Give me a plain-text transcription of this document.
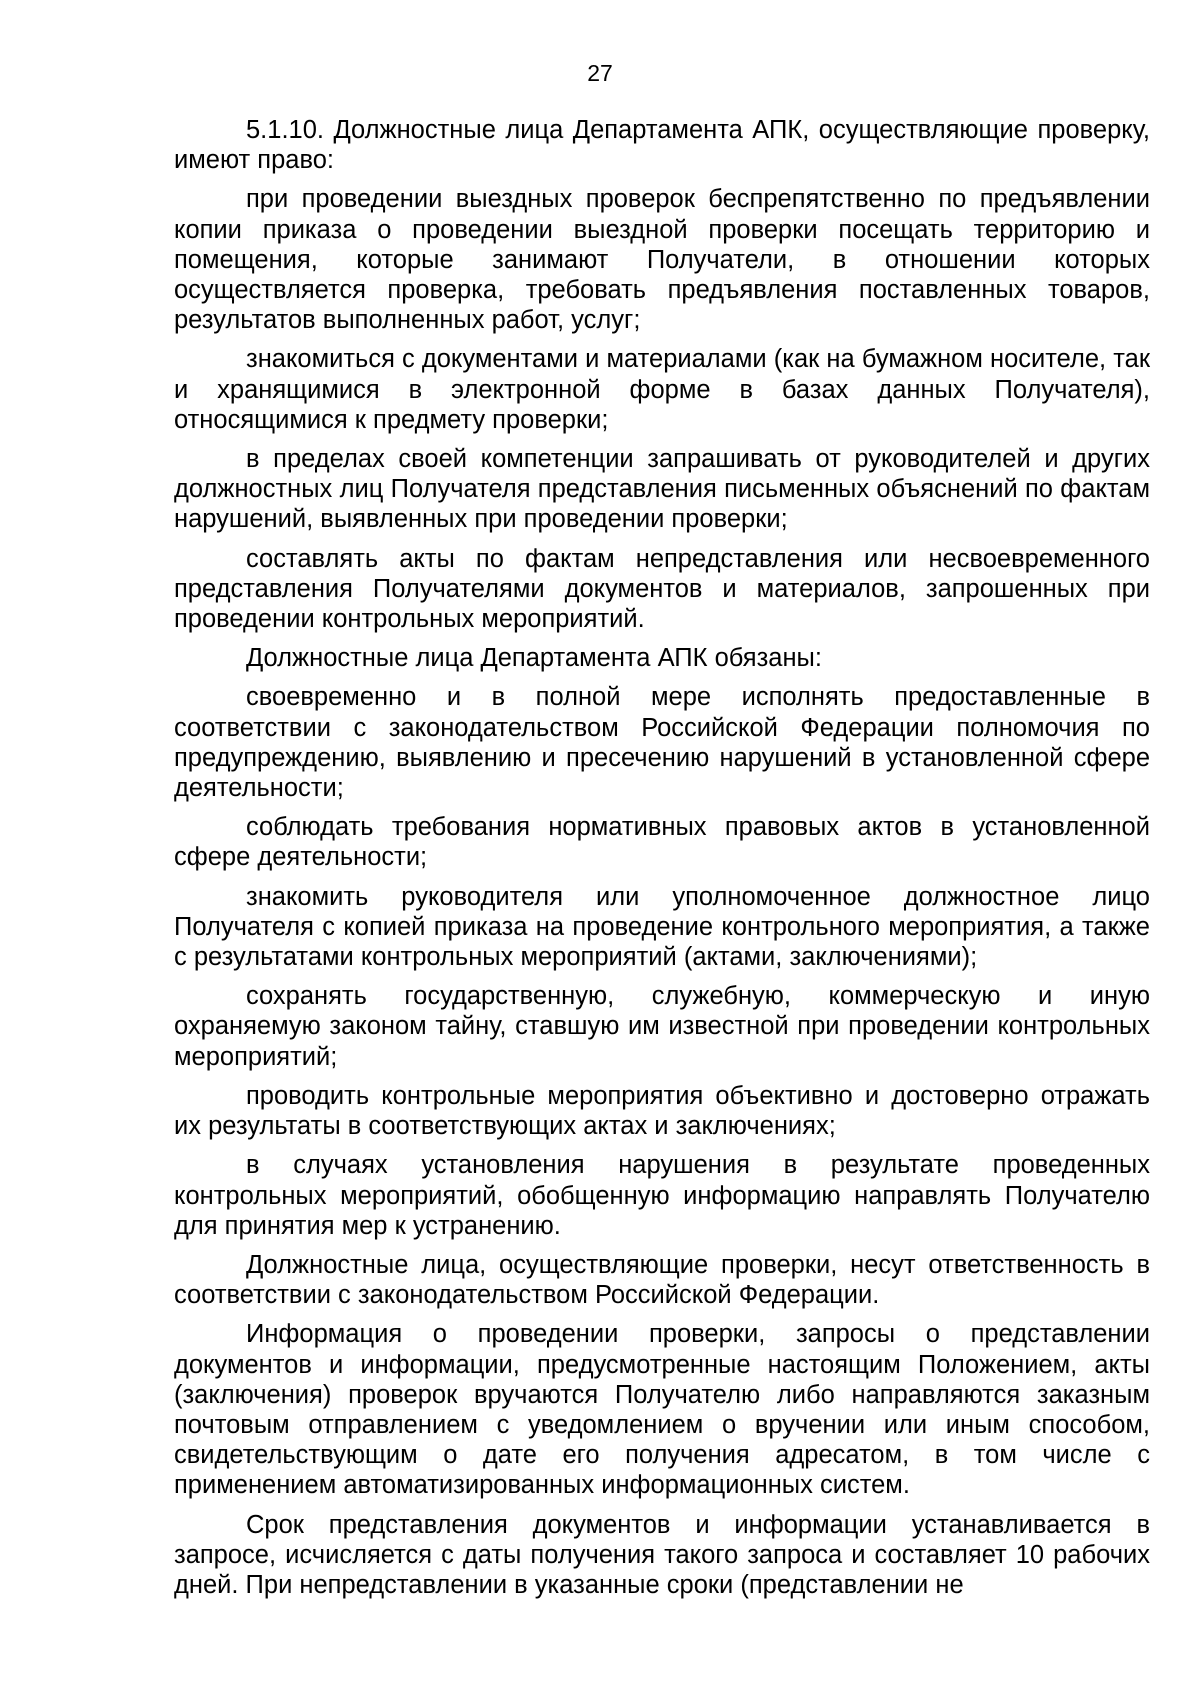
27

5.1.10. Должностные лица Департамента АПК, осуществляющие проверку, имеют право:

при проведении выездных проверок беспрепятственно по предъявлении копии приказа о проведении выездной проверки посещать территорию и помещения, которые занимают Получатели, в отношении которых осуществляется проверка, требовать предъявления поставленных товаров, результатов выполненных работ, услуг;

знакомиться с документами и материалами (как на бумажном носителе, так и хранящимися в электронной форме в базах данных Получателя), относящимися к предмету проверки;

в пределах своей компетенции запрашивать от руководителей и других должностных лиц Получателя представления письменных объяснений по фактам нарушений, выявленных при проведении проверки;

составлять акты по фактам непредставления или несвоевременного представления Получателями документов и материалов, запрошенных при проведении контрольных мероприятий.

Должностные лица Департамента АПК обязаны:

своевременно и в полной мере исполнять предоставленные в соответствии с законодательством Российской Федерации полномочия по предупреждению, выявлению и пресечению нарушений в установленной сфере деятельности;

соблюдать требования нормативных правовых актов в установленной сфере деятельности;

знакомить руководителя или уполномоченное должностное лицо Получателя с копией приказа на проведение контрольного мероприятия, а также с результатами контрольных мероприятий (актами, заключениями);

сохранять государственную, служебную, коммерческую и иную охраняемую законом тайну, ставшую им известной при проведении контрольных мероприятий;

проводить контрольные мероприятия объективно и достоверно отражать их результаты в соответствующих актах и заключениях;

в случаях установления нарушения в результате проведенных контрольных мероприятий, обобщенную информацию направлять Получателю для принятия мер к устранению.

Должностные лица, осуществляющие проверки, несут ответственность в соответствии с законодательством Российской Федерации.

Информация о проведении проверки, запросы о представлении документов и информации, предусмотренные настоящим Положением, акты (заключения) проверок вручаются Получателю либо направляются заказным почтовым отправлением с уведомлением о вручении или иным способом, свидетельствующим о дате его получения адресатом, в том числе с применением автоматизированных информационных систем.

Срок представления документов и информации устанавливается в запросе, исчисляется с даты получения такого запроса и составляет 10 рабочих дней. При непредставлении в указанные сроки (представлении не
